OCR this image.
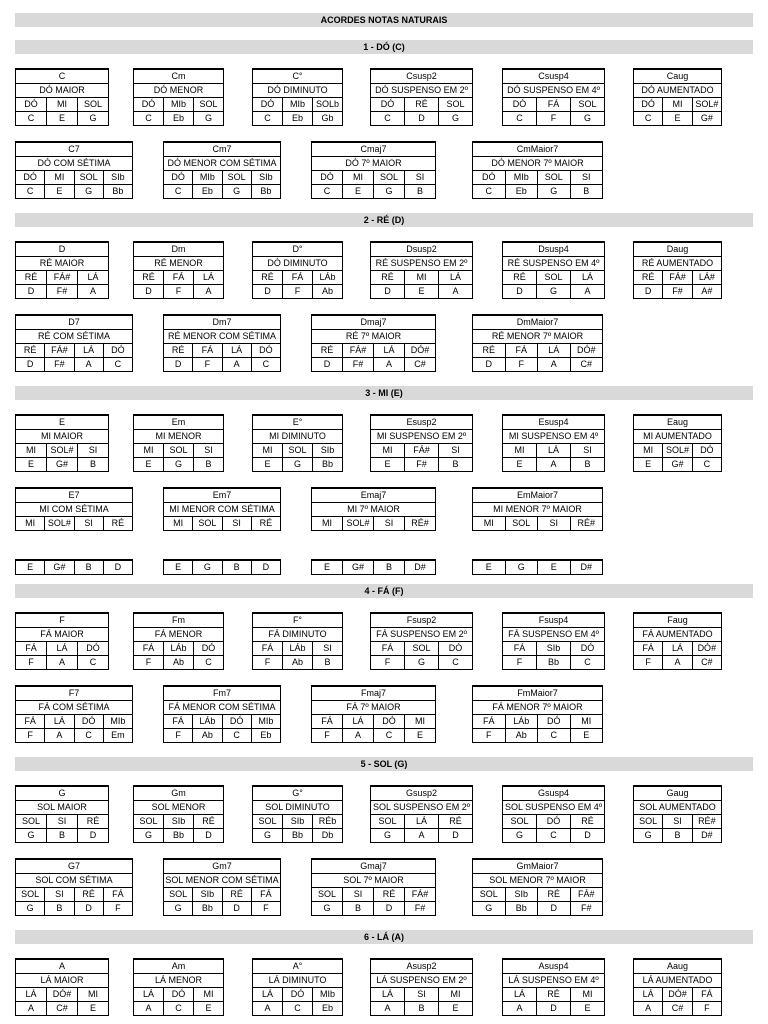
ACORDES NOTAS NATURAIS
1 - DÓ (C)
C
DÓ MAIOR
DÓ	MI	SOL
C	E	G
Cm
DÓ MENOR
DÓ	MIb	SOL
C	Eb	G
C°
DÓ DIMINUTO
DÓ	MIb	SOLb
C	Eb	Gb
Csusp2
DÓ SUSPENSO EM 2º
DÓ	RÉ	SOL
C	D	G
Csusp4
DÓ SUSPENSO EM 4º
DÓ	FÁ	SOL
C	F	G
Caug
DÓ AUMENTADO
DÓ	MI	SOL#
C	E	G#
C7
DÓ COM SÉTIMA
DÓ	MI	SOL	SIb
C	E	G	Bb
Cm7
DÓ MENOR COM SÉTIMA
DÓ	MIb	SOL	SIb
C	Eb	G	Bb
Cmaj7
DÓ 7º MAIOR
DÓ	MI	SOL	SI
C	E	G	B
CmMaior7
DÓ MENOR 7º MAIOR
DÓ	MIb	SOL	SI
C	Eb	G	B
2 - RÉ (D)
D
RÉ MAIOR
RÉ	FÁ#	LÁ
D	F#	A
Dm
RÉ MENOR
RÉ	FÁ	LÁ
D	F	A
D°
DÓ DIMINUTO
RÉ	FÁ	LÁb
D	F	Ab
Dsusp2
RÉ SUSPENSO EM 2º
RÉ	MI	LÁ
D	E	A
Dsusp4
RÉ SUSPENSO EM 4º
RÉ	SOL	LÁ
D	G	A
Daug
RÉ AUMENTADO
RÉ	FÁ#	LÁ#
D	F#	A#
D7
RÉ COM SÉTIMA
RÉ	FÁ#	LÁ	DÓ
D	F#	A	C
Dm7
RÉ MENOR COM SÉTIMA
RÉ	FÁ	LÁ	DÓ
D	F	A	C
Dmaj7
RÉ 7º MAIOR
RÉ	FÁ#	LÁ	DÓ#
D	F#	A	C#
DmMaior7
RÉ MENOR 7º MAIOR
RÉ	FÁ	LÁ	DÓ#
D	F	A	C#
3 - MI (E)
E
MI MAIOR
MI	SOL#	SI
E	G#	B
Em
MI MENOR
MI	SOL	SI
E	G	B
E°
MI DIMINUTO
MI	SOL	SIb
E	G	Bb
Esusp2
MI SUSPENSO EM 2º
MI	FÁ#	SI
E	F#	B
Esusp4
MI SUSPENSO EM 4º
MI	LÁ	SI
E	A	B
Eaug
MI AUMENTADO
MI	SOL#	DÓ
E	G#	C
E7
MI COM SÉTIMA
MI	SOL#	SI	RÉ
E	G#	B	D
Em7
MI MENOR COM SÉTIMA
MI	SOL	SI	RÉ
E	G	B	D
Emaj7
MI 7º MAIOR
MI	SOL#	SI	RÉ#
E	G#	B	D#
EmMaior7
MI MENOR 7º MAIOR
MI	SOL	SI	RÉ#
E	G	E	D#
4 - FÁ (F)
F
FÁ MAIOR
FÁ	LÁ	DÓ
F	A	C
Fm
FÁ MENOR
FÁ	LÁb	DÓ
F	Ab	C
F°
FÁ DIMINUTO
FÁ	LÁb	SI
F	Ab	B
Fsusp2
FÁ SUSPENSO EM 2º
FÁ	SOL	DÓ
F	G	C
Fsusp4
FÁ SUSPENSO EM 4º
FÁ	SIb	DÓ
F	Bb	C
Faug
FÁ AUMENTADO
FÁ	LÁ	DÓ#
F	A	C#
F7
FÁ COM SÉTIMA
FÁ	LÁ	DÓ	MIb
F	A	C	Em
Fm7
FÁ MENOR COM SÉTIMA
FÁ	LÁb	DÓ	MIb
F	Ab	C	Eb
Fmaj7
FÁ 7º MAIOR
FÁ	LÁ	DÓ	MI
F	A	C	E
FmMaior7
FÁ MENOR 7º MAIOR
FÁ	LÁb	DÓ	MI
F	Ab	C	E
5 - SOL (G)
G
SOL MAIOR
SOL	SI	RÉ
G	B	D
Gm
SOL MENOR
SOL	SIb	RÉ
G	Bb	D
G°
SOL DIMINUTO
SOL	SIb	RÉb
G	Bb	Db
Gsusp2
SOL SUSPENSO EM 2º
SOL	LÁ	RÉ
G	A	D
Gsusp4
SOL SUSPENSO EM 4º
SOL	DÓ	RÉ
G	C	D
Gaug
SOL AUMENTADO
SOL	SI	RÉ#
G	B	D#
G7
SOL COM SÉTIMA
SOL	SI	RÉ	FÁ
G	B	D	F
Gm7
SOL MENOR COM SÉTIMA
SOL	SIb	RÉ	FÁ
G	Bb	D	F
Gmaj7
SOL 7º MAIOR
SOL	SI	RÉ	FÁ#
G	B	D	F#
GmMaior7
SOL MENOR 7º MAIOR
SOL	SIb	RÉ	FÁ#
G	Bb	D	F#
6 - LÁ (A)
A
LÁ MAIOR
LÁ	DÓ#	MI
A	C#	E
Am
LÁ MENOR
LÁ	DÓ	MI
A	C	E
A°
LÁ DIMINUTO
LÁ	DÓ	MIb
A	C	Eb
Asusp2
LÁ SUSPENSO EM 2º
LÁ	SI	MI
A	B	E
Asusp4
LÁ SUSPENSO EM 4º
LÁ	RÉ	MI
A	D	E
Aaug
LÁ AUMENTADO
LÁ	DÓ#	FÁ
A	C#	F
